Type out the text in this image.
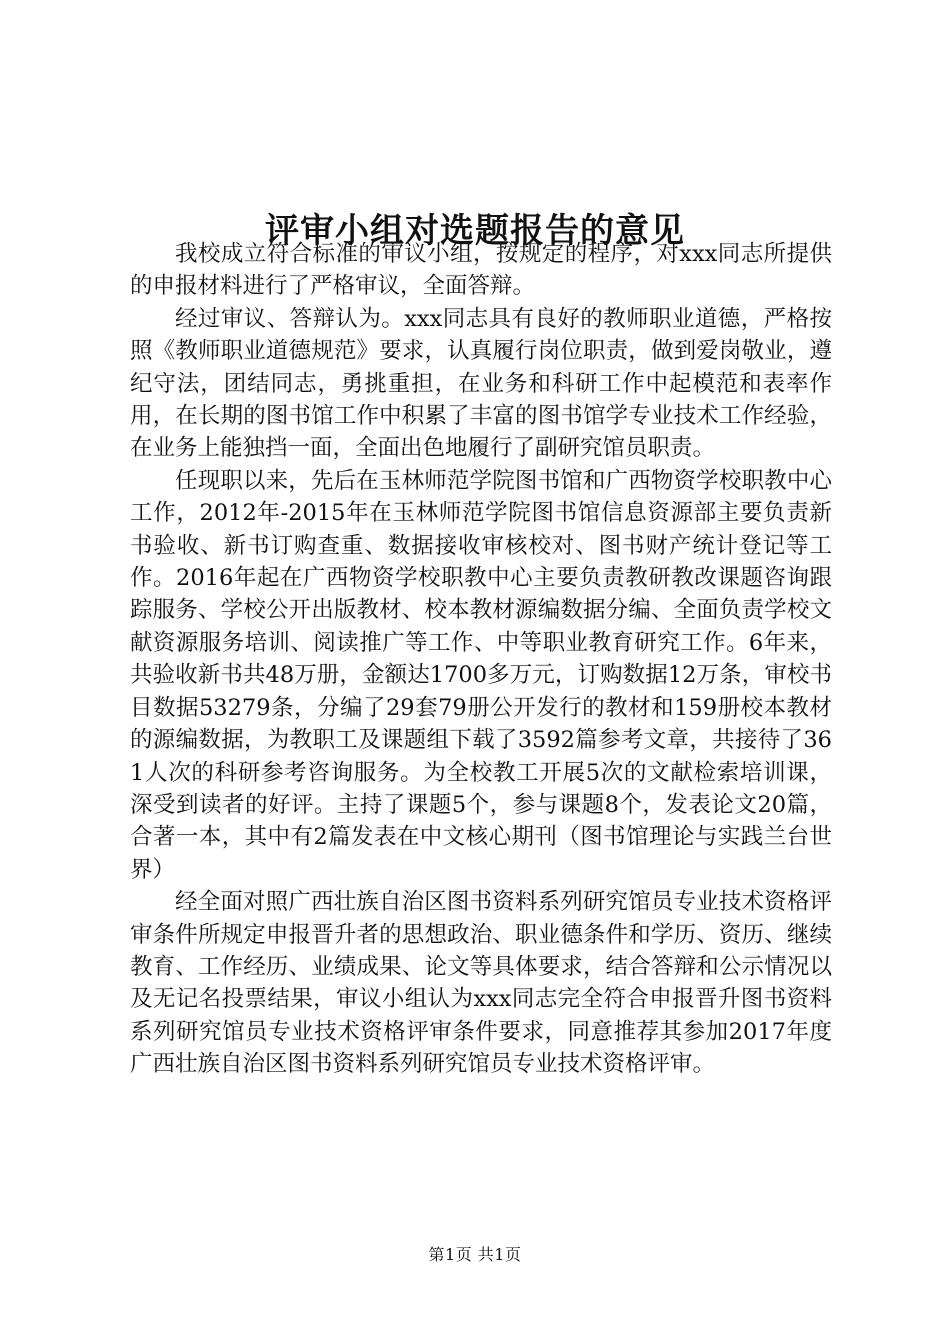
评审小组对选题报告的意见

我校成立符合标准的审议小组，按规定的程序，对xxx同志所提供的申报材料进行了严格审议，全面答辩。

经过审议、答辩认为。xxx同志具有良好的教师职业道德，严格按照《教师职业道德规范》要求，认真履行岗位职责，做到爱岗敬业，遵纪守法，团结同志，勇挑重担，在业务和科研工作中起模范和表率作用，在长期的图书馆工作中积累了丰富的图书馆学专业技术工作经验，在业务上能独挡一面，全面出色地履行了副研究馆员职责。

任现职以来，先后在玉林师范学院图书馆和广西物资学校职教中心工作，2012年-2015年在玉林师范学院图书馆信息资源部主要负责新书验收、新书订购查重、数据接收审核校对、图书财产统计登记等工作。2016年起在广西物资学校职教中心主要负责教研教改课题咨询跟踪服务、学校公开出版教材、校本教材源编数据分编、全面负责学校文献资源服务培训、阅读推广等工作、中等职业教育研究工作。6年来，共验收新书共48万册，金额达1700多万元，订购数据12万条，审校书目数据53279条，分编了29套79册公开发行的教材和159册校本教材的源编数据，为教职工及课题组下载了3592篇参考文章，共接待了361人次的科研参考咨询服务。为全校教工开展5次的文献检索培训课，深受到读者的好评。主持了课题5个，参与课题8个，发表论文20篇，合著一本，其中有2篇发表在中文核心期刊（图书馆理论与实践兰台世界）

经全面对照广西壮族自治区图书资料系列研究馆员专业技术资格评审条件所规定申报晋升者的思想政治、职业德条件和学历、资历、继续教育、工作经历、业绩成果、论文等具体要求，结合答辩和公示情况以及无记名投票结果，审议小组认为xxx同志完全符合申报晋升图书资料系列研究馆员专业技术资格评审条件要求，同意推荐其参加2017年度广西壮族自治区图书资料系列研究馆员专业技术资格评审。

第1页 共1页
